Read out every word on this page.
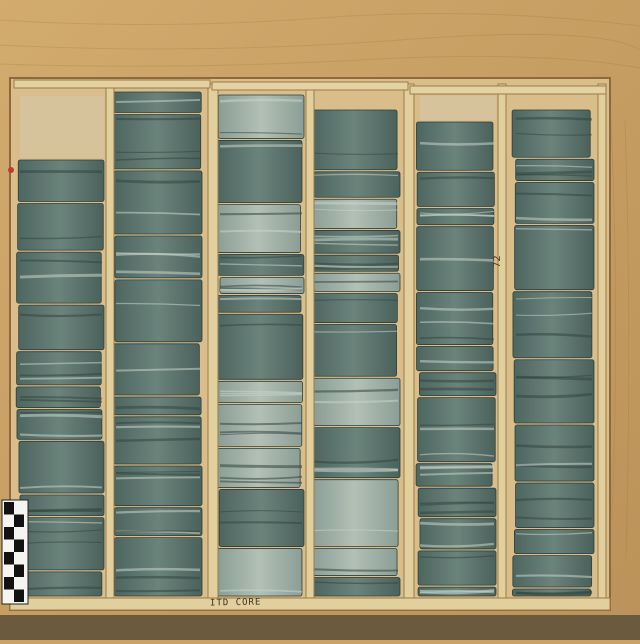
72
ITD CORE
